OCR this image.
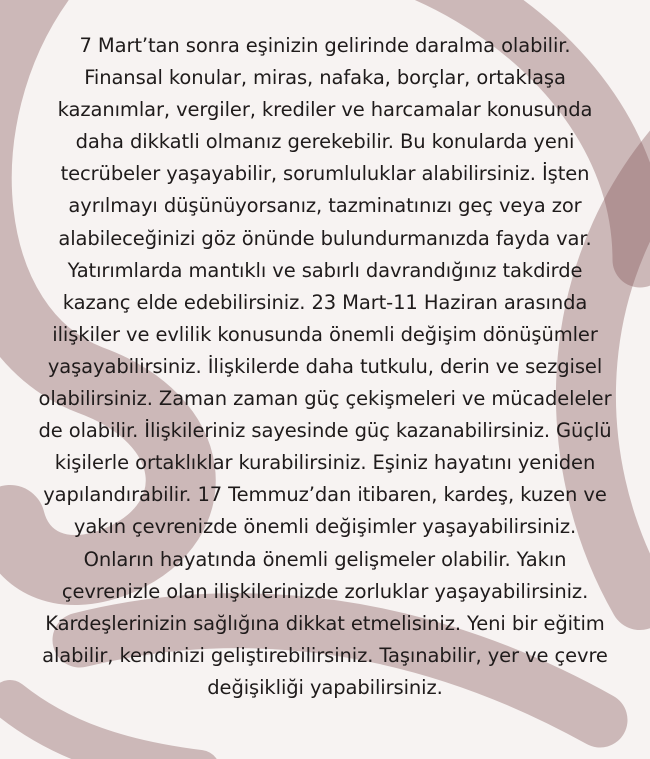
7 Mart’tan sonra eşinizin gelirinde daralma olabilir.
Finansal konular, miras, nafaka, borçlar, ortaklaşa
kazanımlar, vergiler, krediler ve harcamalar konusunda
daha dikkatli olmanız gerekebilir. Bu konularda yeni
tecrübeler yaşayabilir, sorumluluklar alabilirsiniz. İşten
ayrılmayı düşünüyorsanız, tazminatınızı geç veya zor
alabileceğinizi göz önünde bulundurmanızda fayda var.
Yatırımlarda mantıklı ve sabırlı davrandığınız takdirde
kazanç elde edebilirsiniz. 23 Mart-11 Haziran arasında
ilişkiler ve evlilik konusunda önemli değişim dönüşümler
yaşayabilirsiniz. İlişkilerde daha tutkulu, derin ve sezgisel
olabilirsiniz. Zaman zaman güç çekişmeleri ve mücadeleler
de olabilir. İlişkileriniz sayesinde güç kazanabilirsiniz. Güçlü
kişilerle ortaklıklar kurabilirsiniz. Eşiniz hayatını yeniden
yapılandırabilir. 17 Temmuz’dan itibaren, kardeş, kuzen ve
yakın çevrenizde önemli değişimler yaşayabilirsiniz.
Onların hayatında önemli gelişmeler olabilir. Yakın
çevrenizle olan ilişkilerinizde zorluklar yaşayabilirsiniz.
Kardeşlerinizin sağlığına dikkat etmelisiniz. Yeni bir eğitim
alabilir, kendinizi geliştirebilirsiniz. Taşınabilir, yer ve çevre
değişikliği yapabilirsiniz.
